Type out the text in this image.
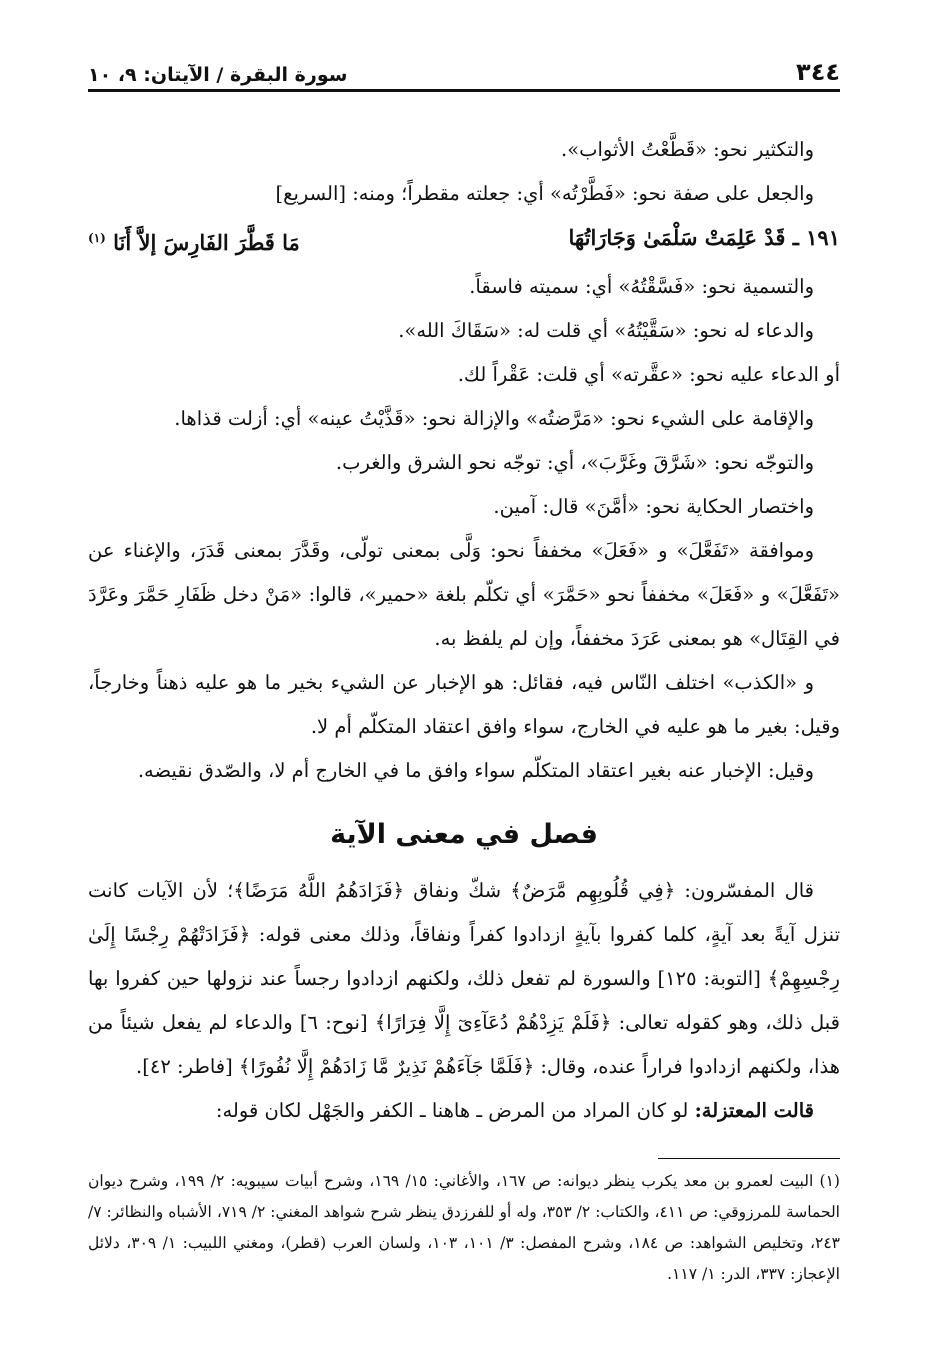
٣٤٤
سورة البقرة / الآيتان: ٩، ١٠

والتكثير نحو: «قَطَّعْتُ الأثواب».

والجعل على صفة نحو: «فَطَّرْتُه» أي: جعلته مقطراً؛ ومنه: [السريع]

١٩١ ـ قَدْ عَلِمَتْ سَلْمَىٰ وَجَارَاتُهَا
مَا قَطَّرَ الفَارِسَ إلاَّ أَنَا $^{(١)}$

والتسمية نحو: «فَسَّقْتُهُ» أي: سميته فاسقاً.

والدعاء له نحو: «سَقَّيْتُهُ» أي قلت له: «سَقَاكَ الله».

أو الدعاء عليه نحو: «عقَّرته» أي قلت: عَقْراً لك.

والإقامة على الشيء نحو: «مَرَّضتُه» والإزالة نحو: «قَذَّيْتُ عينه» أي: أزلت قذاها.

والتوجّه نحو: «شَرَّقَ وغَرَّبَ»، أي: توجّه نحو الشرق والغرب.

واختصار الحكاية نحو: «أمَّنَ» قال: آمين.

وموافقة «تَفَعَّلَ» و «فَعَلَ» مخففاً نحو: وَلَّى بمعنى تولّى، وقَدَّرَ بمعنى قَدَرَ، والإغناء عن «تَفَعَّلَ» و «فَعَلَ» مخففاً نحو «حَمَّرَ» أي تكلّم بلغة «حمير»، قالوا: «مَنْ دخل ظَفَارِ حَمَّرَ وعَرَّدَ في القِتَال» هو بمعنى عَرَدَ مخففاً، وإن لم يلفظ به.

و «الكذب» اختلف النّاس فيه، فقائل: هو الإخبار عن الشيء بخير ما هو عليه ذهناً وخارجاً، وقيل: بغير ما هو عليه في الخارج، سواء وافق اعتقاد المتكلّم أم لا.

وقيل: الإخبار عنه بغير اعتقاد المتكلّم سواء وافق ما في الخارج أم لا، والصّدق نقيضه.

فصل في معنى الآية

قال المفسّرون: ﴿فِي قُلُوبِهِم مَّرَضٌ﴾ شكّ ونفاق ﴿فَزَادَهُمُ اللَّهُ مَرَضًا﴾؛ لأن الآيات كانت تنزل آيةً بعد آيةٍ، كلما كفروا بآيةٍ ازدادوا كفراً ونفاقاً، وذلك معنى قوله: ﴿فَزَادَتْهُمْ رِجْسًا إِلَىٰ رِجْسِهِمْ﴾ [التوبة: ١٢٥] والسورة لم تفعل ذلك، ولكنهم ازدادوا رجساً عند نزولها حين كفروا بها قبل ذلك، وهو كقوله تعالى: ﴿فَلَمْ يَزِدْهُمْ دُعَآءِىٓ إِلَّا فِرَارًا﴾ [نوح: ٦] والدعاء لم يفعل شيئاً من هذا، ولكنهم ازدادوا فراراً عنده، وقال: ﴿فَلَمَّا جَآءَهُمْ نَذِيرٌ مَّا زَادَهُمْ إِلَّا نُفُورًا﴾ [فاطر: ٤٢].

قالت المعتزلة: لو كان المراد من المرض ـ هاهنا ـ الكفر والجَهْل لكان قوله:

(١) البيت لعمرو بن معد يكرب ينظر ديوانه: ص ١٦٧، والأغاني: ١٥/ ١٦٩، وشرح أبيات سيبويه: ٢/ ١٩٩، وشرح ديوان الحماسة للمرزوقي: ص ٤١١، والكتاب: ٢/ ٣٥٣، وله أو للفرزدق ينظر شرح شواهد المغني: ٢/ ٧١٩، الأشباه والنظائر: ٧/ ٢٤٣، وتخليص الشواهد: ص ١٨٤، وشرح المفصل: ٣/ ١٠١، ١٠٣، ولسان العرب (قطر)، ومغني اللبيب: ١/ ٣٠٩، دلائل الإعجاز: ٣٣٧، الدر: ١/ ١١٧.
